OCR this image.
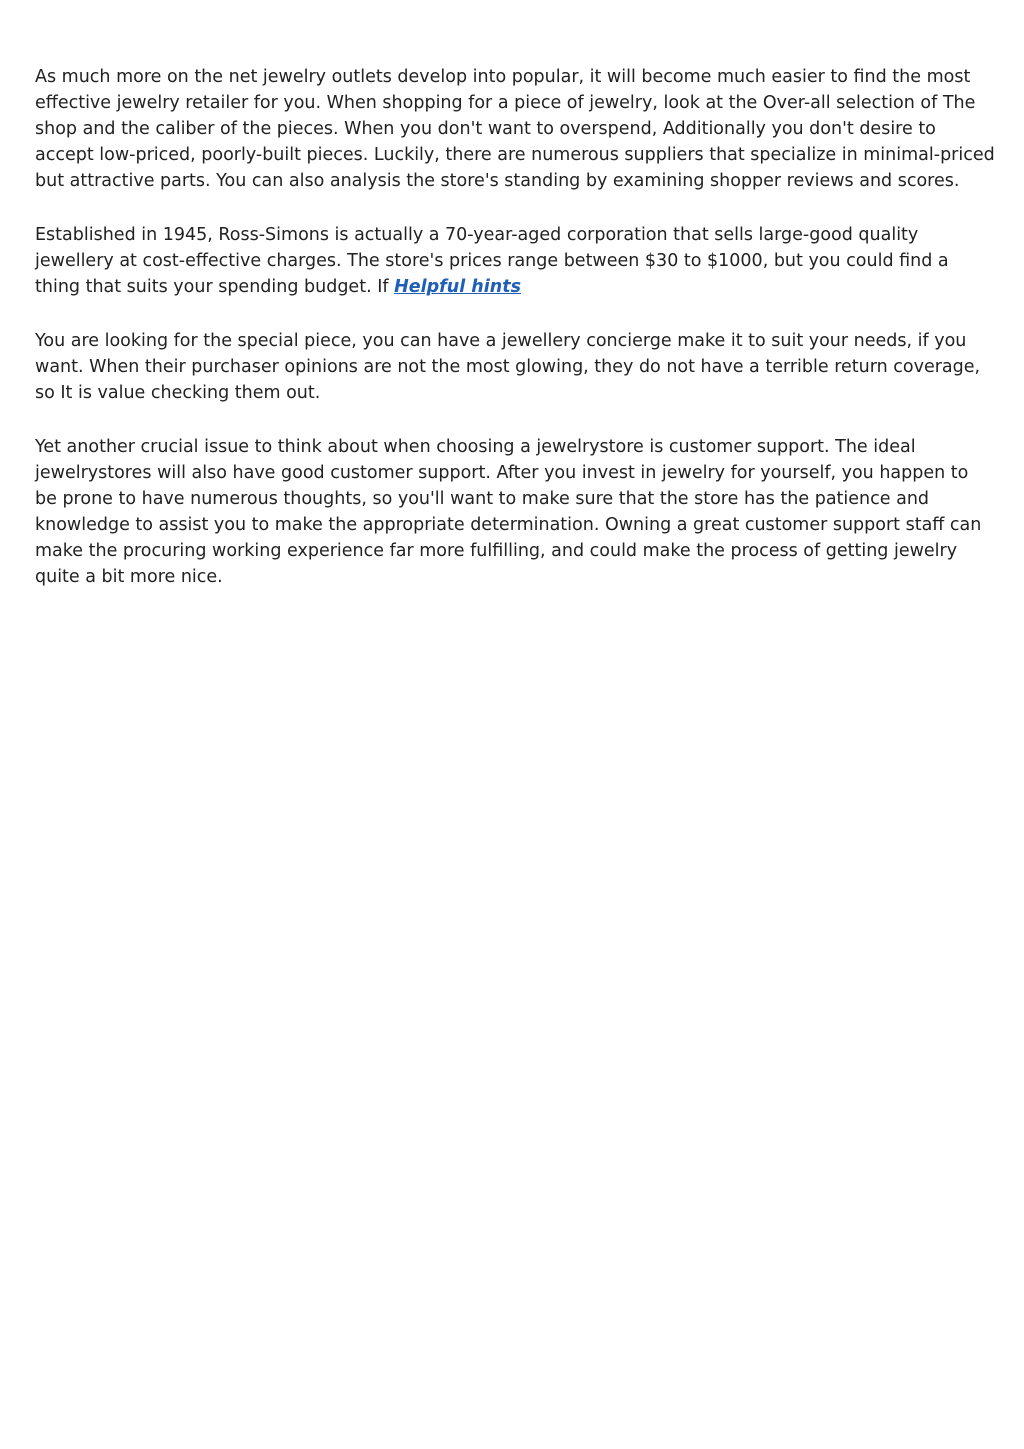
As much more on the net jewelry outlets develop into popular, it will become much easier to find the most effective jewelry retailer for you. When shopping for a piece of jewelry, look at the Over-all selection of The shop and the caliber of the pieces. When you don't want to overspend, Additionally you don't desire to accept low-priced, poorly-built pieces. Luckily, there are numerous suppliers that specialize in minimal-priced but attractive parts. You can also analysis the store's standing by examining shopper reviews and scores.

Established in 1945, Ross-Simons is actually a 70-year-aged corporation that sells large-good quality jewellery at cost-effective charges. The store's prices range between $30 to $1000, but you could find a thing that suits your spending budget. If Helpful hints

You are looking for the special piece, you can have a jewellery concierge make it to suit your needs, if you want. When their purchaser opinions are not the most glowing, they do not have a terrible return coverage, so It is value checking them out.

Yet another crucial issue to think about when choosing a jewelrystore is customer support. The ideal jewelrystores will also have good customer support. After you invest in jewelry for yourself, you happen to be prone to have numerous thoughts, so you'll want to make sure that the store has the patience and knowledge to assist you to make the appropriate determination. Owning a great customer support staff can make the procuring working experience far more fulfilling, and could make the process of getting jewelry quite a bit more nice.
